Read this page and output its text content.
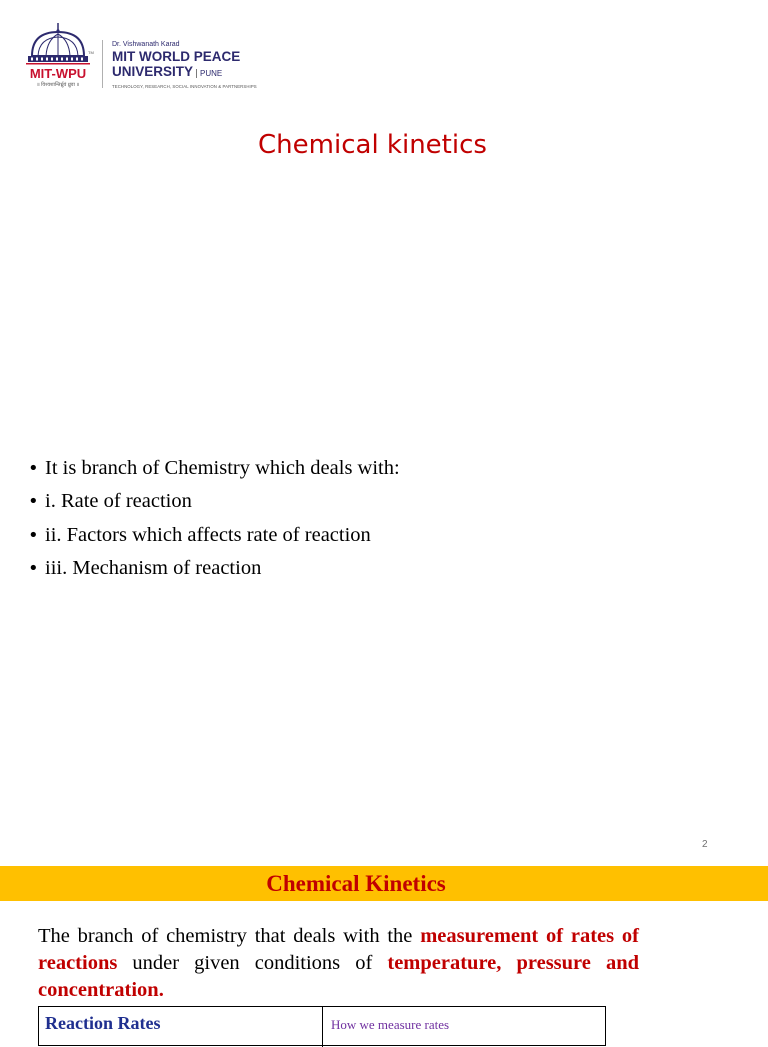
TM
MIT-WPU
॥ विश्वशान्तिर्ध्रुवं ध्रुवा ॥
Dr. Vishwanath Karad
MIT WORLD PEACE
UNIVERSITY PUNE
TECHNOLOGY, RESEARCH, SOCIAL INNOVATION & PARTNERSHIPS
Chemical kinetics
• It is branch of Chemistry which deals with:
• i. Rate of reaction
• ii. Factors which affects rate of reaction
• iii. Mechanism of reaction
2
Chemical Kinetics

The branch of chemistry that deals with the measurement of rates of reactions under given conditions of temperature, pressure and concentration.

Reaction Rates	How we measure rates
